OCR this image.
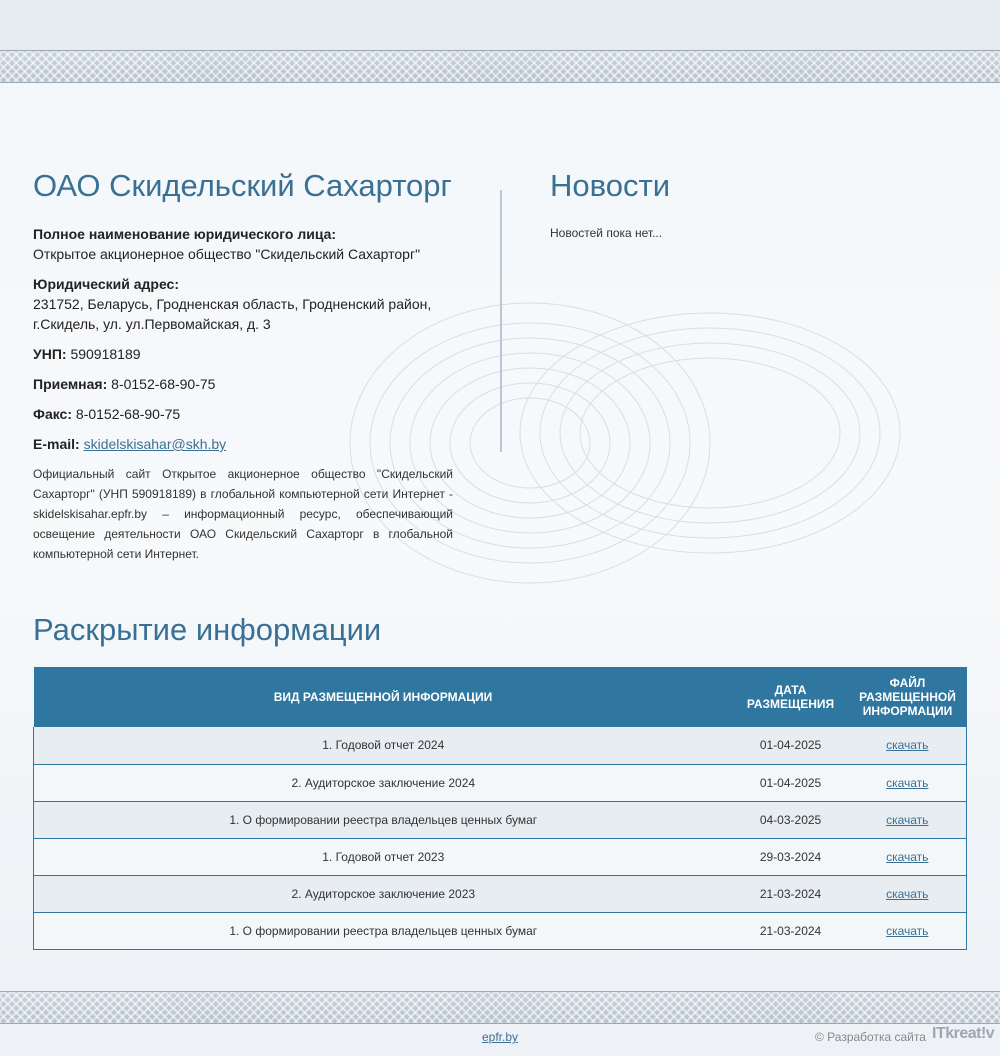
ОАО Скидельский Сахарторг
Полное наименование юридического лица:
Открытое акционерное общество "Скидельский Сахарторг"
Юридический адрес:
231752, Беларусь, Гродненская область, Гродненский район, г.Скидель, ул. ул.Первомайская, д. 3
УНП: 590918189
Приемная: 8-0152-68-90-75
Факс: 8-0152-68-90-75
E-mail: skidelskisahar@skh.by

Официальный сайт Открытое акционерное общество "Скидельский Сахарторг" (УНП 590918189) в глобальной компьютерной сети Интернет - skidelskisahar.epfr.by – информационный ресурс, обеспечивающий освещение деятельности ОАО Скидельский Сахарторг в глобальной компьютерной сети Интернет.

Новости
Новостей пока нет...
Раскрытие информации
ВИД РАЗМЕЩЕННОЙ ИНФОРМАЦИИ	ДАТА РАЗМЕЩЕНИЯ	ФАЙЛ РАЗМЕЩЕННОЙ ИНФОРМАЦИИ
1. Годовой отчет 2024	01-04-2025	скачать
2. Аудиторское заключение 2024	01-04-2025	скачать
1. О формировании реестра владельцев ценных бумаг	04-03-2025	скачать
1. Годовой отчет 2023	29-03-2024	скачать
2. Аудиторское заключение 2023	21-03-2024	скачать
1. О формировании реестра владельцев ценных бумаг	21-03-2024	скачать
epfr.by	© Разработка сайта ITkreat!v
